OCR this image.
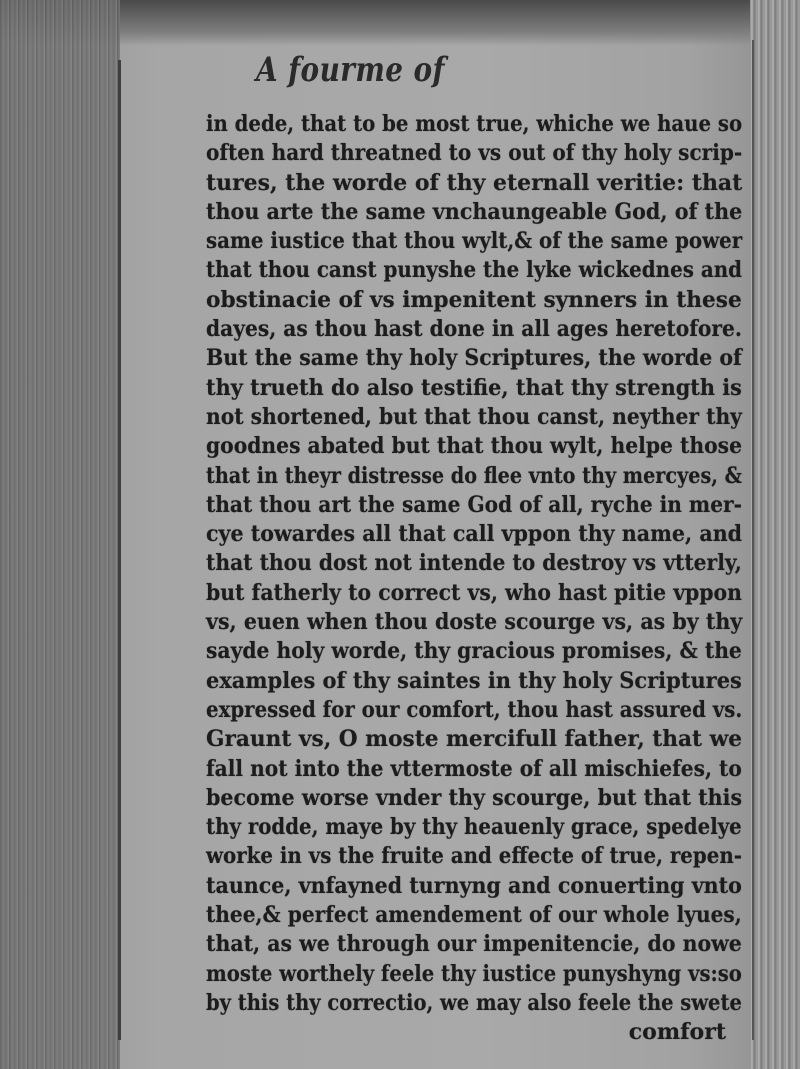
A fourme of
in dede, that to be most true, whiche we haue so
often hard threatned to vs out of thy holy scrip-
tures, the worde of thy eternall veritie: that
thou arte the same vnchaungeable God, of the
same iustice that thou wylt,& of the same power
that thou canst punyshe the lyke wickednes and
obstinacie of vs impenitent synners in these
dayes, as thou hast done in all ages heretofore.
But the same thy holy Scriptures, the worde of
thy trueth do also testifie, that thy strength is
not shortened, but that thou canst, neyther thy
goodnes abated but that thou wylt, helpe those
that in theyr distresse do flee vnto thy mercyes, &
that thou art the same God of all, ryche in mer-
cye towardes all that call vppon thy name, and
that thou dost not intende to destroy vs vtterly,
but fatherly to correct vs, who hast pitie vppon
vs, euen when thou doste scourge vs, as by thy
sayde holy worde, thy gracious promises, & the
examples of thy saintes in thy holy Scriptures
expressed for our comfort, thou hast assured vs.
Graunt vs, O moste mercifull father, that we
fall not into the vttermoste of all mischiefes, to
become worse vnder thy scourge, but that this
thy rodde, maye by thy heauenly grace, spedelye
worke in vs the fruite and effecte of true, repen-
taunce, vnfayned turnyng and conuerting vnto
thee,& perfect amendement of our whole lyues,
that, as we through our impenitencie, do nowe
moste worthely feele thy iustice punyshyng vs:so
by this thy correctio, we may also feele the swete
comfort
